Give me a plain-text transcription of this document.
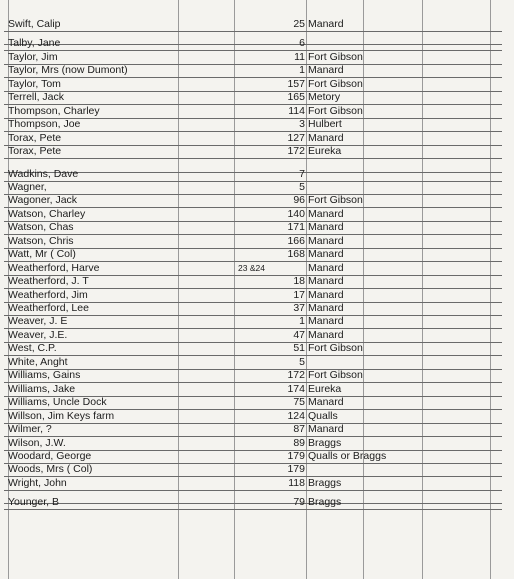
Swift, Calip	25 Manard
Talby, Jane	6
Taylor, Jim	11 Fort Gibson
Taylor, Mrs (now Dumont)	1 Manard
Taylor, Tom	157 Fort Gibson
Terrell, Jack	165 Metory
Thompson, Charley	114 Fort Gibson
Thompson, Joe	3 Hulbert
Torax, Pete	127 Manard
Torax, Pete	172 Eureka
Wadkins, Dave	7
Wagner,	5
Wagoner, Jack	96 Fort Gibson
Watson, Charley	140 Manard
Watson, Chas	171 Manard
Watson, Chris	166 Manard
Watt, Mr ( Col)	168 Manard
Weatherford, Harve	23 &24	Manard
Weatherford, J. T	18 Manard
Weatherford, Jim	17 Manard
Weatherford, Lee	37 Manard
Weaver, J. E	1 Manard
Weaver, J.E.	47 Manard
West, C.P.	51 Fort Gibson
White, Anght	5
Williams, Gains	172 Fort Gibson
Williams, Jake	174 Eureka
Williams, Uncle Dock	75 Manard
Willson, Jim Keys farm	124 Qualls
Wilmer, ?	87 Manard
Wilson, J.W.	89 Braggs
Woodard, George	179 Qualls or Braggs
Woods, Mrs ( Col)	179
Wright, John	118 Braggs
Younger, B	79 Braggs
